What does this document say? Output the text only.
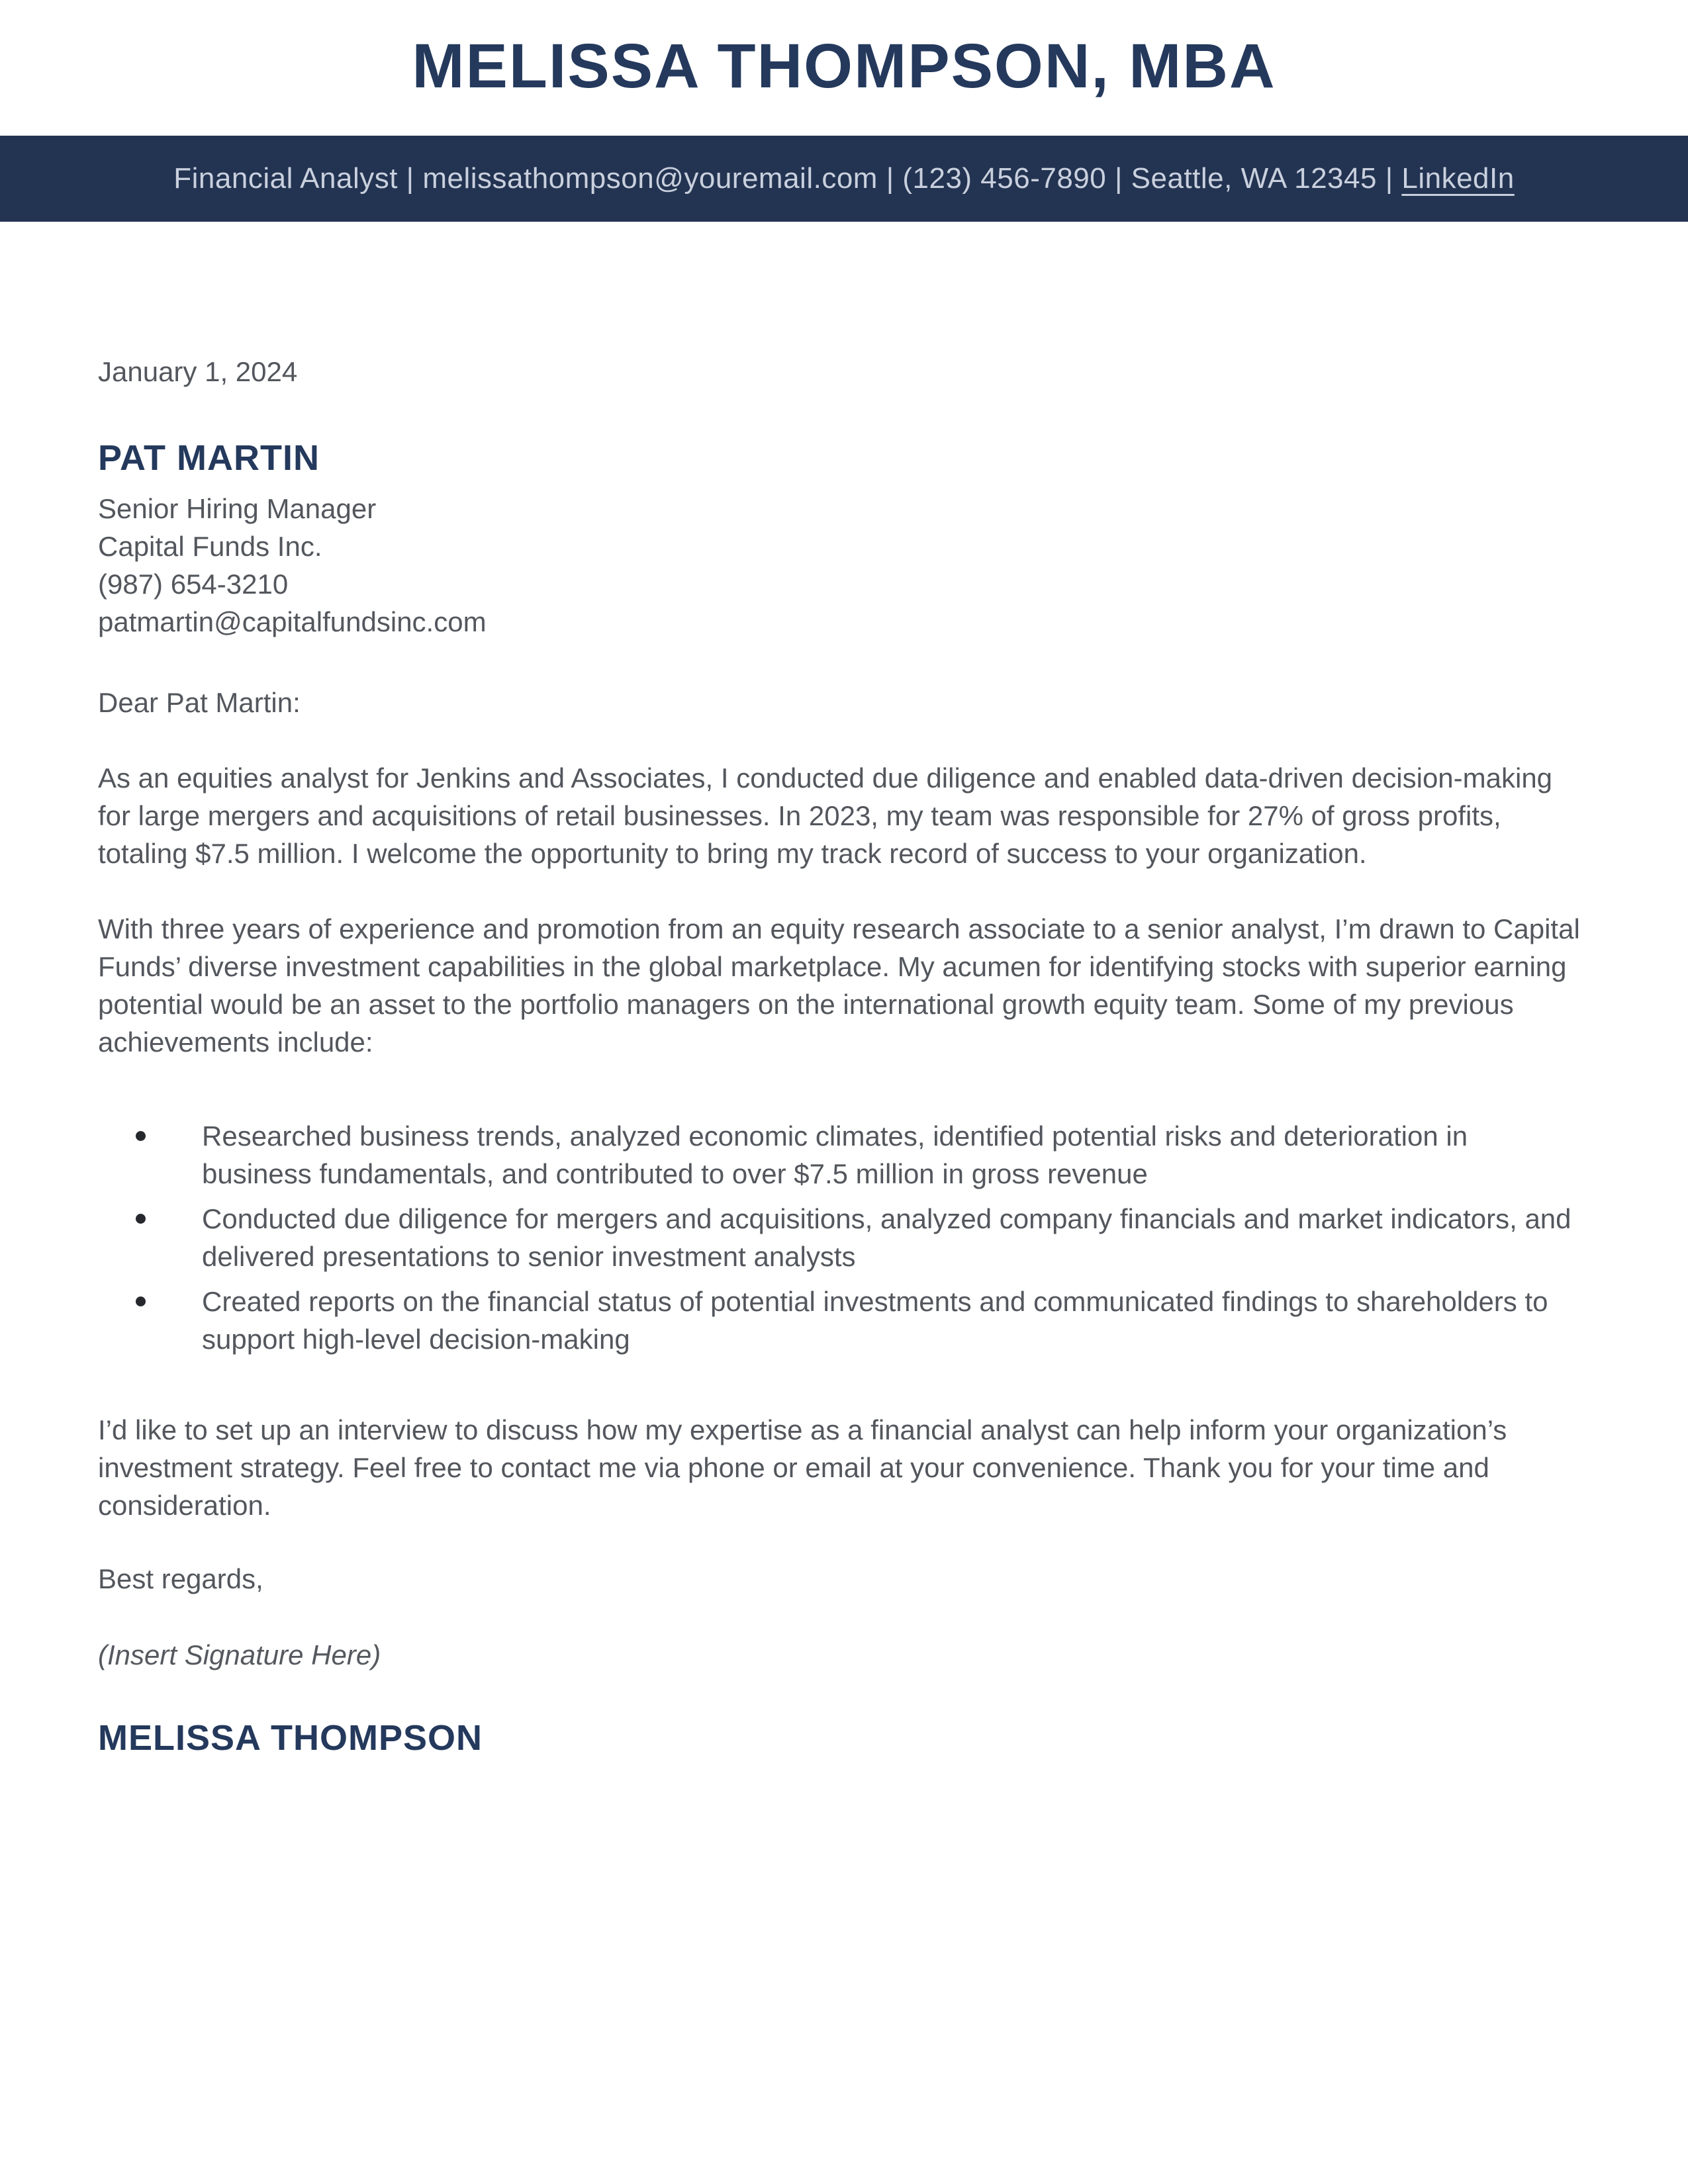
MELISSA THOMPSON, MBA
Financial Analyst | melissathompson@youremail.com | (123) 456-7890 | Seattle, WA 12345 | LinkedIn
January 1, 2024
PAT MARTIN
Senior Hiring Manager
Capital Funds Inc.
(987) 654-3210
patmartin@capitalfundsinc.com
Dear Pat Martin:
As an equities analyst for Jenkins and Associates, I conducted due diligence and enabled data-driven decision-making for large mergers and acquisitions of retail businesses. In 2023, my team was responsible for 27% of gross profits, totaling $7.5 million. I welcome the opportunity to bring my track record of success to your organization.
With three years of experience and promotion from an equity research associate to a senior analyst, I’m drawn to Capital Funds’ diverse investment capabilities in the global marketplace. My acumen for identifying stocks with superior earning potential would be an asset to the portfolio managers on the international growth equity team. Some of my previous achievements include:
Researched business trends, analyzed economic climates, identified potential risks and deterioration in business fundamentals, and contributed to over $7.5 million in gross revenue
Conducted due diligence for mergers and acquisitions, analyzed company financials and market indicators, and delivered presentations to senior investment analysts
Created reports on the financial status of potential investments and communicated findings to shareholders to support high-level decision-making
I’d like to set up an interview to discuss how my expertise as a financial analyst can help inform your organization’s investment strategy. Feel free to contact me via phone or email at your convenience. Thank you for your time and consideration.
Best regards,
(Insert Signature Here)
MELISSA THOMPSON
